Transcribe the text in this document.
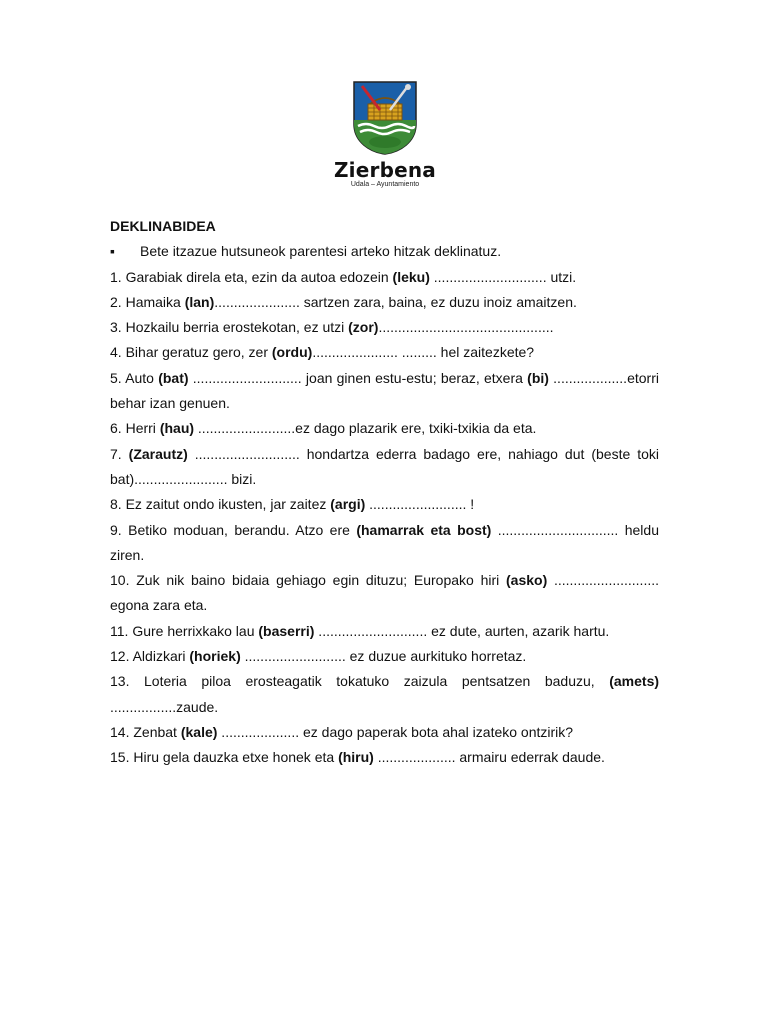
Zierbena
Udala – Ayuntamiento
DEKLINABIDEA
▪ Bete itzazue hutsuneok parentesi arteko hitzak deklinatuz.
1. Garabiak direla eta, ezin da autoa edozein (leku) ............................. utzi.
2. Hamaika (lan)...................... sartzen zara, baina, ez duzu inoiz amaitzen.
3. Hozkailu berria erostekotan, ez utzi (zor).............................................
4. Bihar geratuz gero, zer (ordu)...................... ......... hel zaitezkete?
5. Auto (bat) ............................ joan ginen estu-estu; beraz, etxera (bi) ...................etorri behar izan genuen.
6. Herri (hau) .........................ez dago plazarik ere, txiki-txikia da eta.
7. (Zarautz) ........................... hondartza ederra badago ere, nahiago dut (beste toki bat)........................ bizi.
8. Ez zaitut ondo ikusten, jar zaitez (argi) ......................... !
9. Betiko moduan, berandu. Atzo ere (hamarrak eta bost) ............................... heldu ziren.
10. Zuk nik baino bidaia gehiago egin dituzu; Europako hiri (asko) ........................... egona zara eta.
11. Gure herrixkako lau (baserri) ............................ ez dute, aurten, azarik hartu.
12. Aldizkari (horiek) .......................... ez duzue aurkituko horretaz.
13. Loteria piloa erosteagatik tokatuko zaizula pentsatzen baduzu, (amets) .................zaude.
14. Zenbat (kale) .................... ez dago paperak bota ahal izateko ontzirik?
15. Hiru gela dauzka etxe honek eta (hiru) .................... armairu ederrak daude.
